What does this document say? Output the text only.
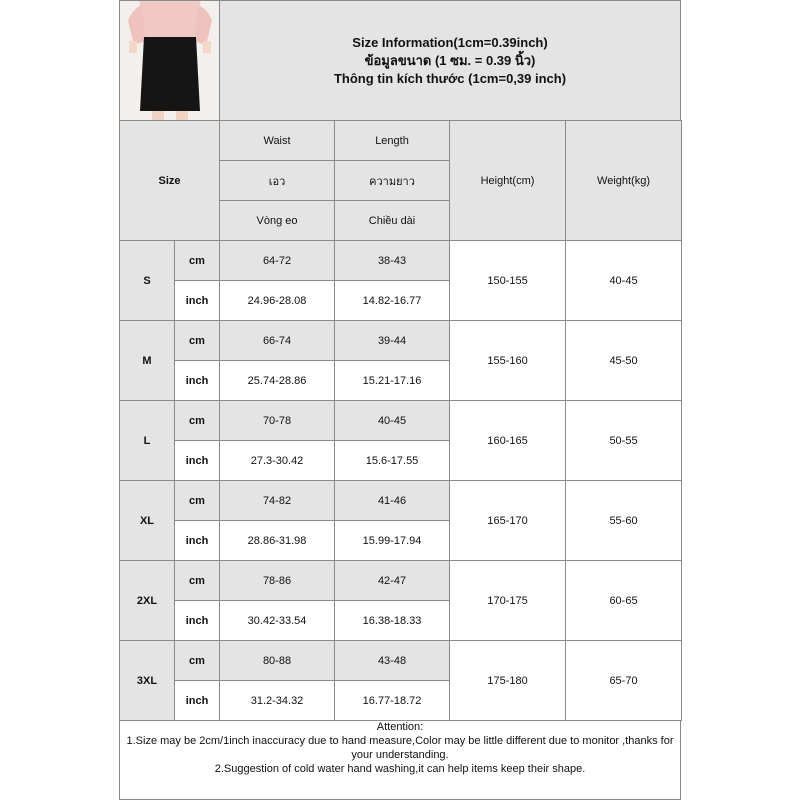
Size Information(1cm=0.39inch)
ข้อมูลขนาด (1 ซม. = 0.39 นิ้ว)
Thông tin kích thước (1cm=0,39 inch)
Size		Waist	Length	Height(cm)	Weight(kg)
		เอว	ความยาว		
		Vòng eo	Chiều dài		
S	cm	64-72	38-43	150-155	40-45
	inch	24.96-28.08	14.82-16.77		
M	cm	66-74	39-44	155-160	45-50
	inch	25.74-28.86	15.21-17.16		
L	cm	70-78	40-45	160-165	50-55
	inch	27.3-30.42	15.6-17.55		
XL	cm	74-82	41-46	165-170	55-60
	inch	28.86-31.98	15.99-17.94		
2XL	cm	78-86	42-47	170-175	60-65
	inch	30.42-33.54	16.38-18.33		
3XL	cm	80-88	43-48	175-180	65-70
	inch	31.2-34.32	16.77-18.72		
Attention:
1.Size may be 2cm/1inch inaccuracy due to hand measure,Color may be little different due to monitor ,thanks for your understanding.
2.Suggestion of cold water hand washing,it can help items keep their shape.
